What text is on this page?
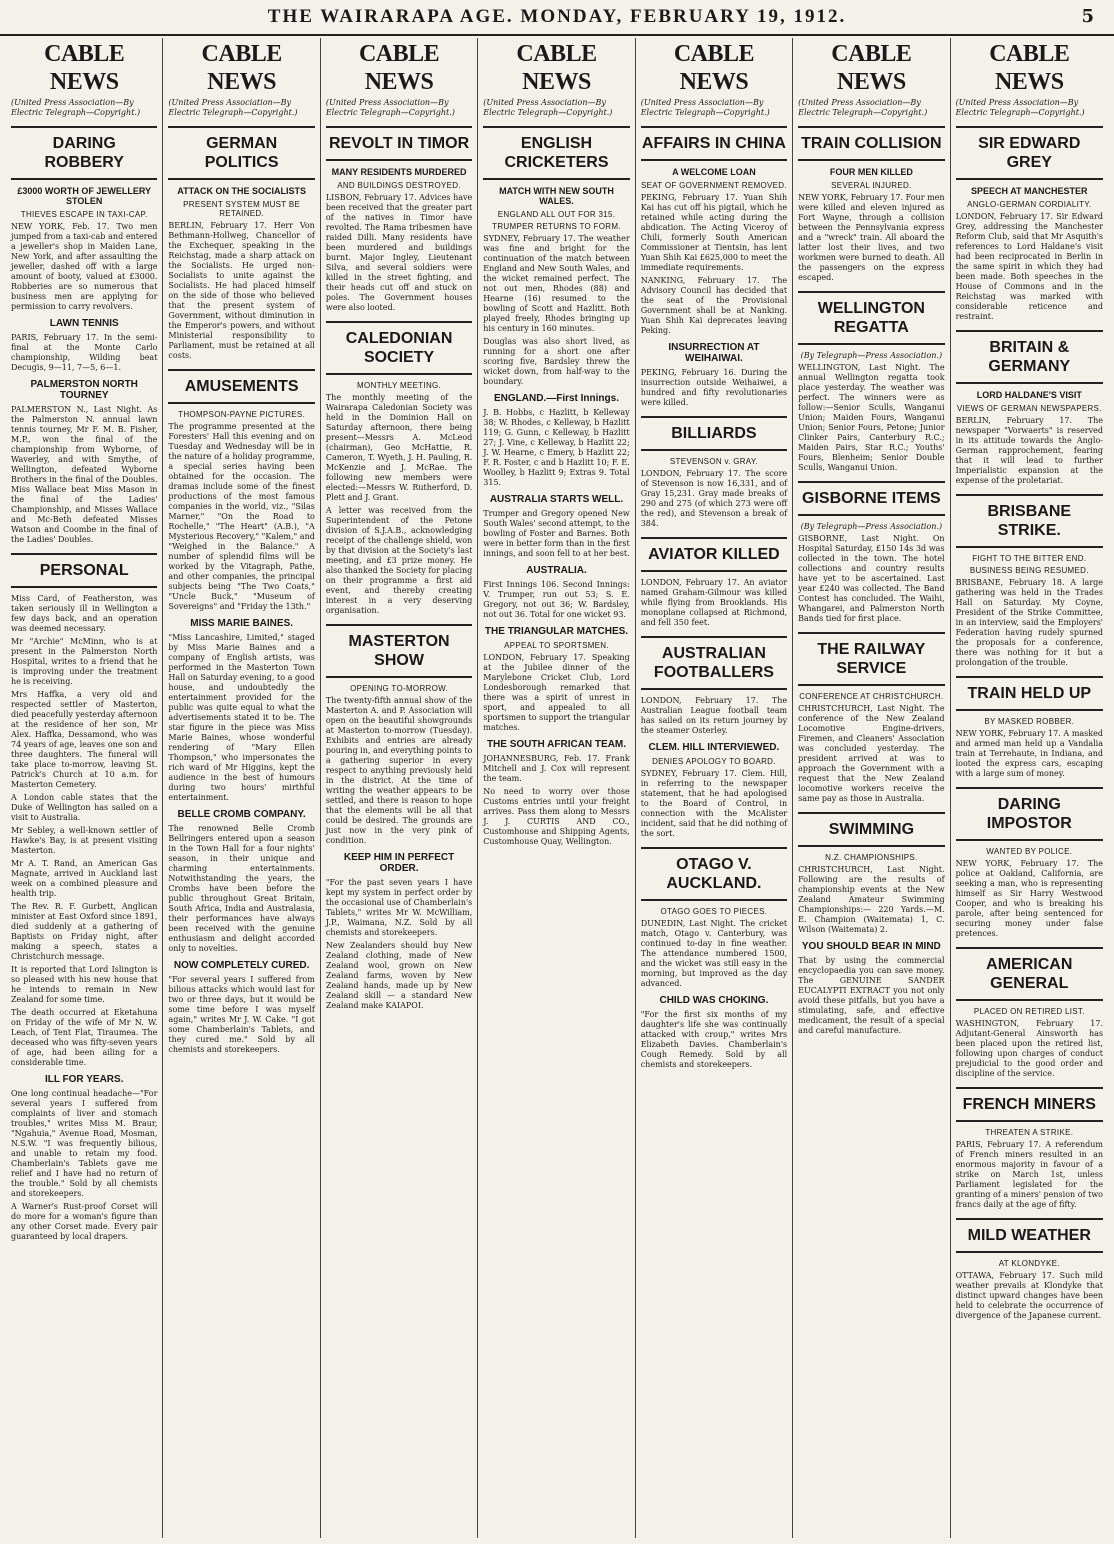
THE WAIRARAPA AGE. MONDAY, FEBRUARY 19, 1912.	5
CABLE NEWS
(United Press Association—By Electric Telegraph—Copyright.)
DARING ROBBERY
£3000 WORTH OF JEWELLERY STOLEN
THIEVES ESCAPE IN TAXI-CAP.
NEW YORK, Feb. 17. Two men jumped from a taxi-cab and entered a jeweller's shop in Maiden Lane, New York, and after assaulting the jeweller, dashed off with a large amount of booty, valued at £3000. Robberies are so numerous that business men are applying for permission to carry revolvers.
LAWN TENNIS
PARIS, February 17. In the semi-final at the Monte Carlo championship, Wilding beat Decugis, 9—11, 7—5, 6—1.
PALMERSTON NORTH TOURNEY
PALMERSTON N., Last Night. As the Palmerston N. annual lawn tennis tourney, Mr F. M. B. Fisher, M.P., won the final of the championship from Wyborne, of Waverley, and with Smythe, of Wellington, defeated Wyborne Brothers in the final of the Doubles. Miss Wallace beat Miss Mason in the final of the Ladies' Championship, and Misses Wallace and Mc-Beth defeated Misses Watson and Coombe in the final of the Ladies' Doubles.
PERSONAL
Miss Card, of Featherston, was taken seriously ill in Wellington a few days back, and an operation was deemed necessary.
Mr "Archie" McMinn, who is at present in the Palmerston North Hospital, writes to a friend that he is improving under the treatment he is receiving.
Mrs Haffka, a very old and respected settler of Masterton, died peacefully yesterday afternoon at the residence of her son, Mr Alex. Haffka, Dessamond, who was 74 years of age, leaves one son and three daughters. The funeral will take place to-morrow, leaving St. Patrick's Church at 10 a.m. for Masterton Cemetery.
A London cable states that the Duke of Wellington has sailed on a visit to Australia.
Mr Sebley, a well-known settler of Hawke's Bay, is at present visiting Masterton.
Mr A. T. Rand, an American Gas Magnate, arrived in Auckland last week on a combined pleasure and health trip.
The Rev. R. F. Gurbett, Anglican minister at East Oxford since 1891, died suddenly at a gathering of Baptists on Friday night, after making a speech, states a Christchurch message.
It is reported that Lord Islington is so pleased with his new house that he intends to remain in New Zealand for some time.
The death occurred at Eketahuna on Friday of the wife of Mr N. W. Leach, of Tent Flat, Tiraumea. The deceased who was fifty-seven years of age, had been ailing for a considerable time.
ILL FOR YEARS.
One long continual headache—"For several years I suffered from complaints of liver and stomach troubles," writes Miss M. Braur, "Ngahuia," Avenue Road, Mosman, N.S.W. "I was frequently bilious, and unable to retain my food. Chamberlain's Tablets gave me relief and I have had no return of the trouble." Sold by all chemists and storekeepers.
A Warner's Rust-proof Corset will do more for a woman's figure than any other Corset made. Every pair guaranteed by local drapers.
CABLE NEWS
(United Press Association—By Electric Telegraph—Copyright.)
GERMAN POLITICS
ATTACK ON THE SOCIALISTS
PRESENT SYSTEM MUST BE RETAINED.
BERLIN, February 17. Herr Von Bethmann-Hollweg, Chancellor of the Exchequer, speaking in the Reichstag, made a sharp attack on the Socialists. He urged non-Socialists to unite against the Socialists. He had placed himself on the side of those who believed that the present system of Government, without diminution in the Emperor's powers, and without Ministerial responsibility to Parliament, must be retained at all costs.
AMUSEMENTS
THOMPSON-PAYNE PICTURES.
The programme presented at the Foresters' Hall this evening and on Tuesday and Wednesday will be in the nature of a holiday programme, a special series having been obtained for the occasion. The dramas include some of the finest productions of the most famous companies in the world, viz., "Silas Marner," "On the Road to Rochelle," "The Heart" (A.B.), "A Mysterious Recovery," "Kalem," and "Weighed in the Balance." A number of splendid films will be worked by the Vitagraph, Pathe, and other companies, the principal subjects being "The Two Coats," "Uncle Buck," "Museum of Sovereigns" and "Friday the 13th."
MISS MARIE BAINES.
"Miss Lancashire, Limited," staged by Miss Marie Baines and a company of English artists, was performed in the Masterton Town Hall on Saturday evening, to a good house, and undoubtedly the entertainment provided for the public was quite equal to what the advertisements stated it to be. The star figure in the piece was Miss Marie Baines, whose wonderful rendering of "Mary Ellen Thompson," who impersonates the rich ward of Mr Higgins, kept the audience in the best of humours during two hours' mirthful entertainment.
BELLE CROMB COMPANY.
The renowned Belle Cromb Bellringers entered upon a season in the Town Hall for a four nights' season, in their unique and charming entertainments. Notwithstanding the years, the Crombs have been before the public throughout Great Britain, South Africa, India and Australasia, their performances have always been received with the genuine enthusiasm and delight accorded only to novelties.
NOW COMPLETELY CURED.
"For several years I suffered from bilious attacks which would last for two or three days, but it would be some time before I was myself again," writes Mr J. W. Cake. "I got some Chamberlain's Tablets, and they cured me." Sold by all chemists and storekeepers.
CABLE NEWS
(United Press Association—By Electric Telegraph—Copyright.)
REVOLT IN TIMOR
MANY RESIDENTS MURDERED
AND BUILDINGS DESTROYED.
LISBON, February 17. Advices have been received that the greater part of the natives in Timor have revolted. The Rama tribesmen have raided Dilli. Many residents have been murdered and buildings burnt. Major Ingley, Lieutenant Silva, and several soldiers were killed in the street fighting, and their heads cut off and stuck on poles. The Government houses were also looted.
CALEDONIAN SOCIETY
MONTHLY MEETING.
The monthly meeting of the Wairarapa Caledonian Society was held in the Dominion Hall on Saturday afternoon, there being present—Messrs A. McLeod (chairman), Geo McHattie, R. Cameron, T. Wyeth, J. H. Pauling, R. McKenzie and J. McRae. The following new members were elected:—Messrs W. Rutherford, D. Plett and J. Grant.
A letter was received from the Superintendent of the Petone division of S.J.A.B., acknowledging receipt of the challenge shield, won by that division at the Society's last meeting, and £3 prize money. He also thanked the Society for placing on their programme a first aid event, and thereby creating interest in a very deserving organisation.
MASTERTON SHOW
OPENING TO-MORROW.
The twenty-fifth annual show of the Masterton A. and P. Association will open on the beautiful showgrounds at Masterton to-morrow (Tuesday). Exhibits and entries are already pouring in, and everything points to a gathering superior in every respect to anything previously held in the district. At the time of writing the weather appears to be settled, and there is reason to hope that the elements will be all that could be desired. The grounds are just now in the very pink of condition.
KEEP HIM IN PERFECT ORDER.
"For the past seven years I have kept my system in perfect order by the occasional use of Chamberlain's Tablets," writes Mr W. McWilliam, J.P., Waimana, N.Z. Sold by all chemists and storekeepers.
New Zealanders should buy New Zealand clothing, made of New Zealand wool, grown on New Zealand farms, woven by New Zealand hands, made up by New Zealand skill — a standard New Zealand make KAIAPOI.
CABLE NEWS
(United Press Association—By Electric Telegraph—Copyright.)
ENGLISH CRICKETERS
MATCH WITH NEW SOUTH WALES.
ENGLAND ALL OUT FOR 315.
TRUMPER RETURNS TO FORM.
SYDNEY, February 17. The weather was fine and bright for the continuation of the match between England and New South Wales, and the wicket remained perfect. The not out men, Rhodes (88) and Hearne (16) resumed to the bowling of Scott and Hazlitt. Both played freely, Rhodes bringing up his century in 160 minutes.
Douglas was also short lived, as running for a short one after scoring five, Bardsley threw the wicket down, from half-way to the boundary.
ENGLAND.—First Innings.
J. B. Hobbs, c Hazlitt, b Kelleway 38; W. Rhodes, c Kelleway, b Hazlitt 119; G. Gunn, c Kelleway, b Hazlitt 27; J. Vine, c Kelleway, b Hazlitt 22; J. W. Hearne, c Emery, b Hazlitt 22; F. R. Foster, c and b Hazlitt 10; F. E. Woolley, b Hazlitt 9; Extras 9. Total 315.
AUSTRALIA STARTS WELL.
Trumper and Gregory opened New South Wales' second attempt, to the bowling of Foster and Barnes. Both were in better form than in the first innings, and soon fell to at her best.
AUSTRALIA.
First Innings 106. Second Innings: V. Trumper, run out 53; S. E. Gregory, not out 36; W. Bardsley, not out 36. Total for one wicket 93.
THE TRIANGULAR MATCHES.
APPEAL TO SPORTSMEN.
LONDON, February 17. Speaking at the Jubilee dinner of the Marylebone Cricket Club, Lord Londesborough remarked that there was a spirit of unrest in sport, and appealed to all sportsmen to support the triangular matches.
THE SOUTH AFRICAN TEAM.
JOHANNESBURG, Feb. 17. Frank Mitchell and J. Cox will represent the team.
No need to worry over those Customs entries until your freight arrives. Pass them along to Messrs J. J. CURTIS AND CO., Customhouse and Shipping Agents, Customhouse Quay, Wellington.
CABLE NEWS
(United Press Association—By Electric Telegraph—Copyright.)
AFFAIRS IN CHINA
A WELCOME LOAN
SEAT OF GOVERNMENT REMOVED.
PEKING, February 17. Yuan Shih Kai has cut off his pigtail, which he retained while acting during the abdication. The Acting Viceroy of Chili, formerly South American Commissioner at Tientsin, has lent Yuan Shih Kai £625,000 to meet the immediate requirements.
NANKING, February 17. The Advisory Council has decided that the seat of the Provisional Government shall be at Nanking. Yuan Shih Kai deprecates leaving Peking.
INSURRECTION AT WEIHAIWAI.
PEKING, February 16. During the insurrection outside Weihaiwei, a hundred and fifty revolutionaries were killed.
BILLIARDS
STEVENSON v. GRAY.
LONDON, February 17. The score of Stevenson is now 16,331, and of Gray 15,231. Gray made breaks of 290 and 275 (of which 273 were off the red), and Stevenson a break of 384.
AVIATOR KILLED
LONDON, February 17. An aviator named Graham-Gilmour was killed while flying from Brooklands. His monoplane collapsed at Richmond, and fell 350 feet.
AUSTRALIAN FOOTBALLERS
LONDON, February 17. The Australian League football team has sailed on its return journey by the steamer Osterley.
CLEM. HILL INTERVIEWED.
DENIES APOLOGY TO BOARD.
SYDNEY, February 17. Clem. Hill, in referring to the newspaper statement, that he had apologised to the Board of Control, in connection with the McAlister incident, said that he did nothing of the sort.
OTAGO V. AUCKLAND.
OTAGO GOES TO PIECES.
DUNEDIN, Last Night. The cricket match, Otago v. Canterbury, was continued to-day in fine weather. The attendance numbered 1500, and the wicket was still easy in the morning, but improved as the day advanced.
CHILD WAS CHOKING.
"For the first six months of my daughter's life she was continually attacked with croup," writes Mrs Elizabeth Davies. Chamberlain's Cough Remedy. Sold by all chemists and storekeepers.
CABLE NEWS
(United Press Association—By Electric Telegraph—Copyright.)
TRAIN COLLISION
FOUR MEN KILLED
SEVERAL INJURED.
NEW YORK, February 17. Four men were killed and eleven injured as Fort Wayne, through a collision between the Pennsylvania express and a "wreck" train. All aboard the latter lost their lives, and two workmen were burned to death. All the passengers on the express escaped.
WELLINGTON REGATTA
(By Telegraph—Press Association.)
WELLINGTON, Last Night. The annual Wellington regatta took place yesterday. The weather was perfect. The winners were as follow:—Senior Sculls, Wanganui Union; Maiden Fours, Wanganui Union; Senior Fours, Petone; Junior Clinker Pairs, Canterbury R.C.; Maiden Pairs, Star R.C.; Youths' Fours, Blenheim; Senior Double Sculls, Wanganui Union.
GISBORNE ITEMS
(By Telegraph—Press Association.)
GISBORNE, Last Night. On Hospital Saturday, £150 14s 3d was collected in the town. The hotel collections and country results have yet to be ascertained. Last year £240 was collected. The Band Contest has concluded. The Waihi, Whangarei, and Palmerston North Bands tied for first place.
THE RAILWAY SERVICE
CONFERENCE AT CHRISTCHURCH.
CHRISTCHURCH, Last Night. The conference of the New Zealand Locomotive Engine-drivers, Firemen, and Cleaners' Association was concluded yesterday. The president arrived at was to approach the Government with a request that the New Zealand locomotive workers receive the same pay as those in Australia.
SWIMMING
N.Z. CHAMPIONSHIPS.
CHRISTCHURCH, Last Night. Following are the results of championship events at the New Zealand Amateur Swimming Championships:— 220 Yards.—M. E. Champion (Waitemata) 1, C. Wilson (Waitemata) 2.
YOU SHOULD BEAR IN MIND
That by using the commercial encyclopaedia you can save money. The GENUINE SANDER EUCALYPTI EXTRACT you not only avoid these pitfalls, but you have a stimulating, safe, and effective medicament, the result of a special and careful manufacture.
CABLE NEWS
(United Press Association—By Electric Telegraph—Copyright.)
SIR EDWARD GREY
SPEECH AT MANCHESTER
ANGLO-GERMAN CORDIALITY.
LONDON, February 17. Sir Edward Grey, addressing the Manchester Reform Club, said that Mr Asquith's references to Lord Haldane's visit had been reciprocated in Berlin in the same spirit in which they had been made. Both speeches in the House of Commons and in the Reichstag was marked with considerable reticence and restraint.
BRITAIN & GERMANY
LORD HALDANE'S VISIT
VIEWS OF GERMAN NEWSPAPERS.
BERLIN, February 17. The newspaper "Vorwaerts" is reserved in its attitude towards the Anglo-German rapprochement, fearing that it will lead to further Imperialistic expansion at the expense of the proletariat.
BRISBANE STRIKE.
FIGHT TO THE BITTER END.
BUSINESS BEING RESUMED.
BRISBANE, February 18. A large gathering was held in the Trades Hall on Saturday. My Coyne, President of the Strike Committee, in an interview, said the Employers' Federation having rudely spurned the proposals for a conference, there was nothing for it but a prolongation of the trouble.
TRAIN HELD UP
BY MASKED ROBBER.
NEW YORK, February 17. A masked and armed man held up a Vandalia train at Terrehaute, in Indiana, and looted the express cars, escaping with a large sum of money.
DARING IMPOSTOR
WANTED BY POLICE.
NEW YORK, February 17. The police at Oakland, California, are seeking a man, who is representing himself as Sir Harry Westwood Cooper, and who is breaking his parole, after being sentenced for securing money under false pretences.
AMERICAN GENERAL
PLACED ON RETIRED LIST.
WASHINGTON, February 17. Adjutant-General Ainsworth has been placed upon the retired list, following upon charges of conduct prejudicial to the good order and discipline of the service.
FRENCH MINERS
THREATEN A STRIKE.
PARIS, February 17. A referendum of French miners resulted in an enormous majority in favour of a strike on March 1st, unless Parliament legislated for the granting of a miners' pension of two francs daily at the age of fifty.
MILD WEATHER
AT KLONDYKE.
OTTAWA, February 17. Such mild weather prevails at Klondyke that distinct upward changes have been held to celebrate the occurrence of divergence of the Japanese current.
